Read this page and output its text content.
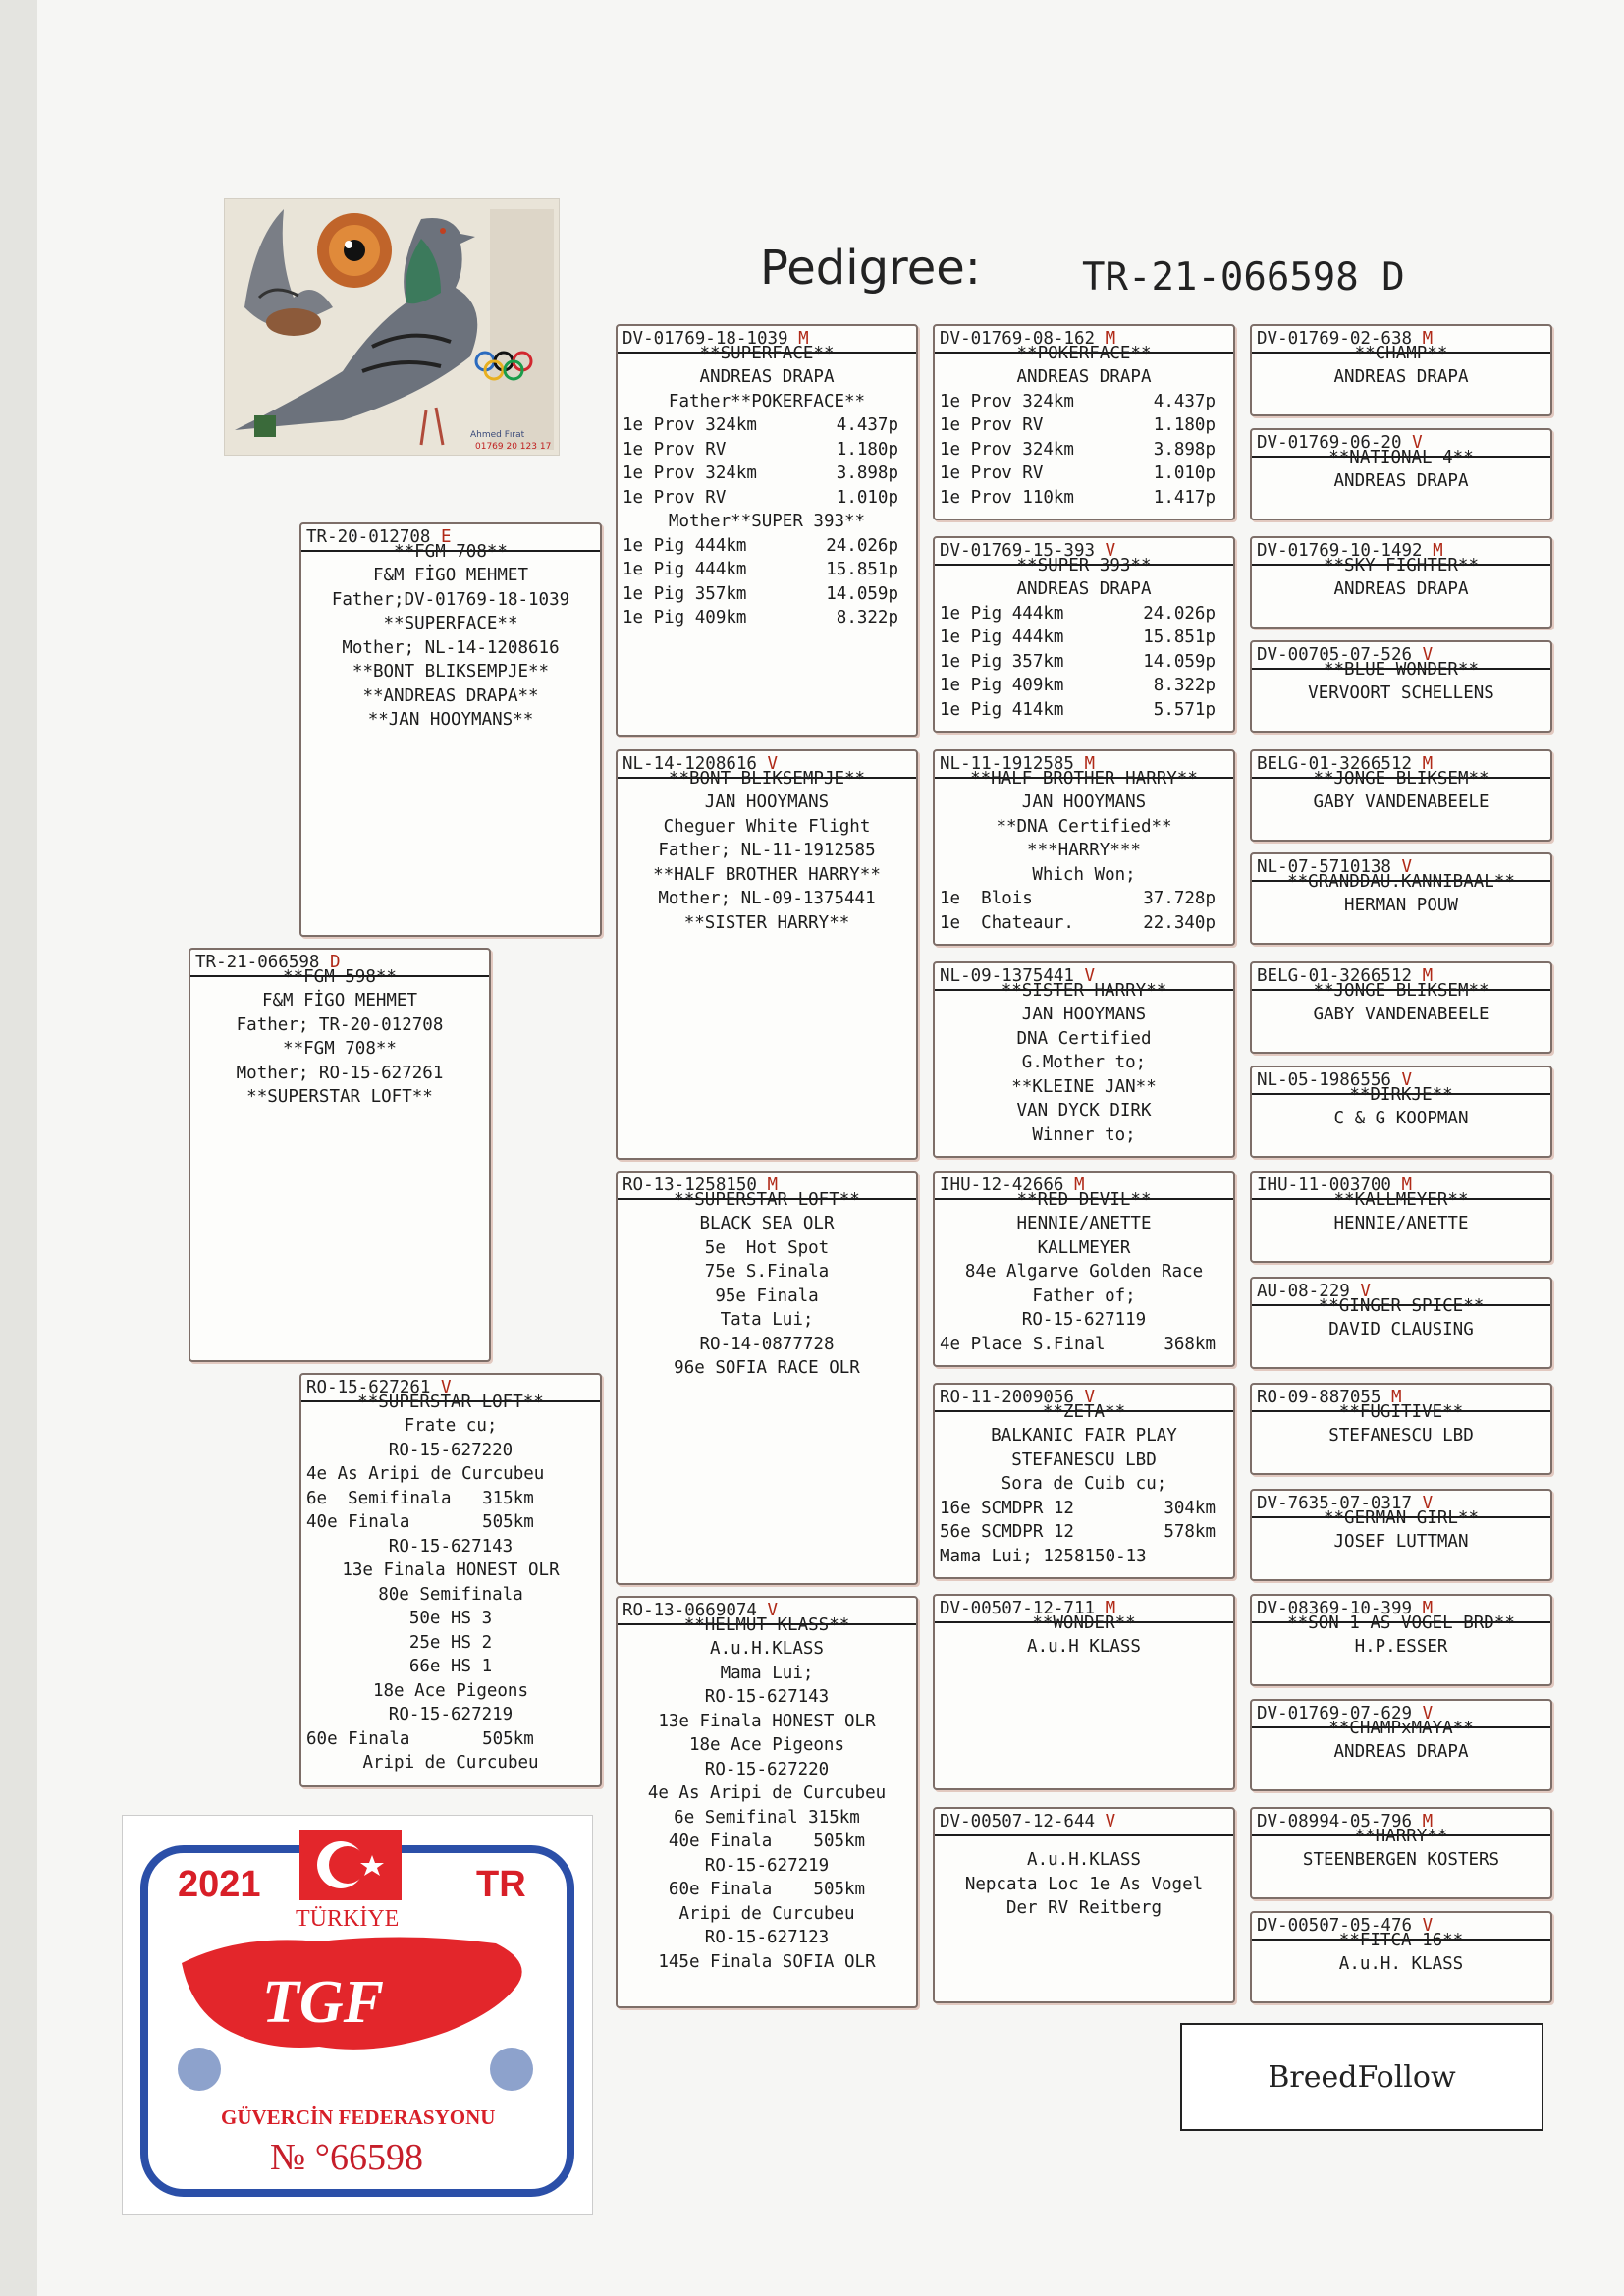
Ahmed Fırat
01769 20 123 17
Pedigree:	TR-21-066598 D
TR-21-066598 D
**FGM 598**
F&M FİGO MEHMET
Father; TR-20-012708
**FGM 708**
Mother; RO-15-627261
**SUPERSTAR LOFT**
TR-20-012708 E
**FGM 708**
F&M FİGO MEHMET
Father;DV-01769-18-1039
**SUPERFACE**
Mother; NL-14-1208616
**BONT BLIKSEMPJE**
**ANDREAS DRAPA**
**JAN HOOYMANS**
RO-15-627261 V
**SUPERSTAR LOFT**
Frate cu;
RO-15-627220
4e As Aripi de Curcubeu
6e  Semifinala   315km
40e Finala       505km
RO-15-627143
13e Finala HONEST OLR
80e Semifinala
50e HS 3
25e HS 2
66e HS 1
18e Ace Pigeons
RO-15-627219
60e Finala       505km
Aripi de Curcubeu
DV-01769-18-1039 M
**SUPERFACE**
ANDREAS DRAPA
Father**POKERFACE**
1e Prov 324km	4.437p
1e Prov RV	1.180p
1e Prov 324km	3.898p
1e Prov RV	1.010p
Mother**SUPER 393**
1e Pig 444km	24.026p
1e Pig 444km	15.851p
1e Pig 357km	14.059p
1e Pig 409km	8.322p
NL-14-1208616 V
**BONT BLIKSEMPJE**
JAN HOOYMANS
Cheguer White Flight
Father; NL-11-1912585
**HALF BROTHER HARRY**
Mother; NL-09-1375441
**SISTER HARRY**
RO-13-1258150 M
**SUPERSTAR LOFT**
BLACK SEA OLR
5e  Hot Spot
75e S.Finala
95e Finala
Tata Lui;
RO-14-0877728
96e SOFIA RACE OLR
RO-13-0669074 V
**HELMUT KLASS**
A.u.H.KLASS
Mama Lui;
RO-15-627143
13e Finala HONEST OLR
18e Ace Pigeons
RO-15-627220
4e As Aripi de Curcubeu
6e Semifinal 315km
40e Finala    505km
RO-15-627219
60e Finala    505km
Aripi de Curcubeu
RO-15-627123
145e Finala SOFIA OLR
DV-01769-08-162 M
**POKERFACE**
ANDREAS DRAPA
1e Prov 324km	4.437p
1e Prov RV	1.180p
1e Prov 324km	3.898p
1e Prov RV	1.010p
1e Prov 110km	1.417p
DV-01769-15-393 V
**SUPER 393**
ANDREAS DRAPA
1e Pig 444km	24.026p
1e Pig 444km	15.851p
1e Pig 357km	14.059p
1e Pig 409km	8.322p
1e Pig 414km	5.571p
NL-11-1912585 M
**HALF BROTHER HARRY**
JAN HOOYMANS
**DNA Certified**
***HARRY***
Which Won;
1e  Blois	37.728p
1e  Chateaur.	22.340p
NL-09-1375441 V
**SISTER HARRY**
JAN HOOYMANS
DNA Certified
G.Mother to;
**KLEINE JAN**
VAN DYCK DIRK
Winner to;
IHU-12-42666 M
**RED DEVIL**
HENNIE/ANETTE
KALLMEYER
84e Algarve Golden Race
Father of;
RO-15-627119
4e Place S.Final	368km
RO-11-2009056 V
**ZETA**
BALKANIC FAIR PLAY
STEFANESCU LBD
Sora de Cuib cu;
16e SCMDPR 12	304km
56e SCMDPR 12	578km
Mama Lui; 1258150-13
DV-00507-12-711 M
**WONDER**
A.u.H KLASS
DV-00507-12-644 V

A.u.H.KLASS
Nepcata Loc 1e As Vogel
Der RV Reitberg
DV-01769-02-638 M
**CHAMP**
ANDREAS DRAPA
DV-01769-06-20 V
**NATIONAL 4**
ANDREAS DRAPA
DV-01769-10-1492 M
**SKY FIGHTER**
ANDREAS DRAPA
DV-00705-07-526 V
**BLUE WONDER**
VERVOORT SCHELLENS
BELG-01-3266512 M
**JONGE BLIKSEM**
GABY VANDENABEELE
NL-07-5710138 V
**GRANDDAU.KANNIBAAL**
HERMAN POUW
BELG-01-3266512 M
**JONGE BLIKSEM**
GABY VANDENABEELE
NL-05-1986556 V
**DIRKJE**
C & G KOOPMAN
IHU-11-003700 M
**KALLMEYER**
HENNIE/ANETTE
AU-08-229 V
**GINGER SPICE**
DAVID CLAUSING
RO-09-887055 M
**FUGITIVE**
STEFANESCU LBD
DV-7635-07-0317 V
**GERMAN GIRL**
JOSEF LUTTMAN
DV-08369-10-399 M
**SON 1 AS VOGEL BRD**
H.P.ESSER
DV-01769-07-629 V
**CHAMPxMAYA**
ANDREAS DRAPA
DV-08994-05-796 M
**HARRY**
STEENBERGEN KOSTERS
DV-00507-05-476 V
**FITCA 16**
A.u.H. KLASS
2021	TR
TÜRKİYE
TGF
GÜVERCİN FEDERASYONU
№ °66598
BreedFollow
